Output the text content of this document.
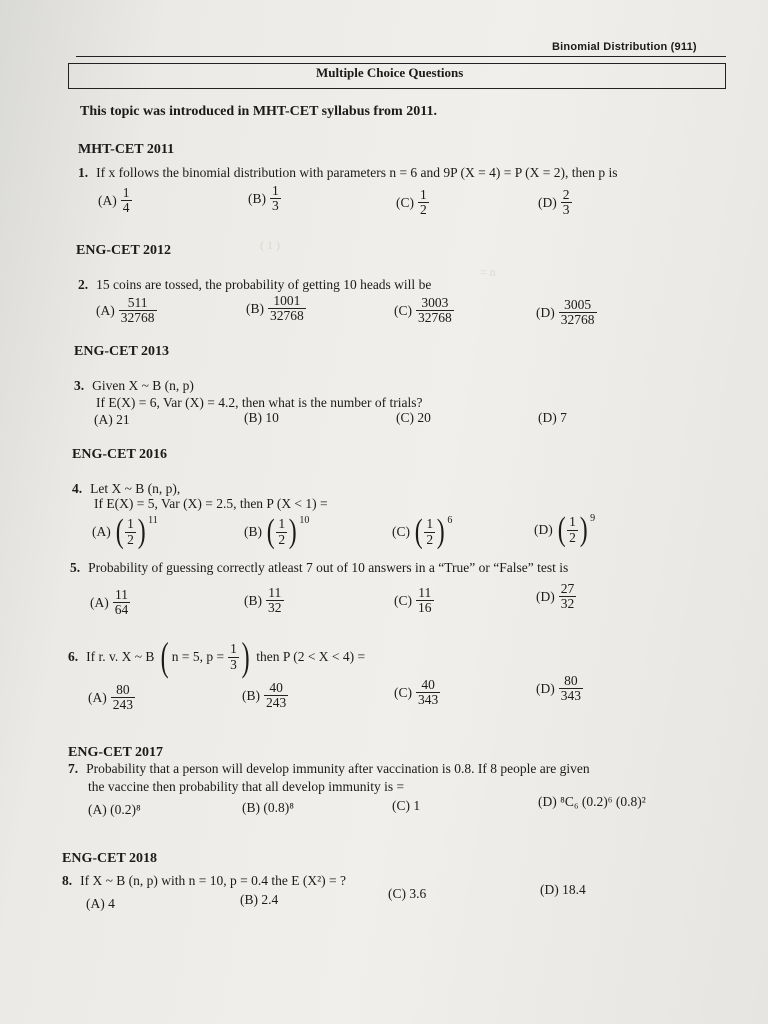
( 1 )
= n
Binomial Distribution (911)
Multiple Choice Questions
This topic was introduced in MHT-CET syllabus from 2011.
MHT-CET 2011
1. If x follows the binomial distribution with parameters n = 6 and 9P (X = 4) = P (X = 2), then p is
$(A) \frac{1}{4}$	$(B) \frac{1}{3}$	$(C) \frac{1}{2}$	$(D) \frac{2}{3}$
ENG-CET 2012
2. 15 coins are tossed, the probability of getting 10 heads will be
$(A) \frac{511}{32768}$	$(B) \frac{1001}{32768}$	$(C) \frac{3003}{32768}$	$(D) \frac{3005}{32768}$
ENG-CET 2013
3. Given X ~ B (n, p)
If E(X) = 6, Var (X) = 4.2, then what is the number of trials?
(A) 21	(B) 10	(C) 20	(D) 7
ENG-CET 2016
4. Let X ~ B (n, p),
If E(X) = 5, Var (X) = 2.5, then P (X < 1) =
(A) ( $\frac{1}{2}$ ) $^{11}$
(B) ( $\frac{1}{2}$ ) $^{10}$
(C) ( $\frac{1}{2}$ ) $^6$
(D) ( $\frac{1}{2}$ ) $^9$
5. Probability of guessing correctly atleast 7 out of 10 answers in a “True” or “False” test is
$(A) \frac{11}{64}$	$(B) \frac{11}{32}$	$(C) \frac{11}{16}$	$(D) \frac{27}{32}$
6. If r. v. X ~ B ( n = 5, $p = \frac{1}{3}$ ) then P (2 < X < 4) =
$(A) \frac{80}{243}$	$(B) \frac{40}{243}$	$(C) \frac{40}{343}$	$(D) \frac{80}{343}$
ENG-CET 2017
7. Probability that a person will develop immunity after vaccination is 0.8. If 8 people are given
the vaccine then probability that all develop immunity is =
(A) (0.2)⁸	(B) (0.8)⁸	(C) 1	(D) ⁸C₆ (0.2)⁶ (0.8)²
ENG-CET 2018
8. If X ~ B (n, p) with n = 10, p = 0.4 the E (X²) = ?
(A) 4	(B) 2.4	(C) 3.6	(D) 18.4
